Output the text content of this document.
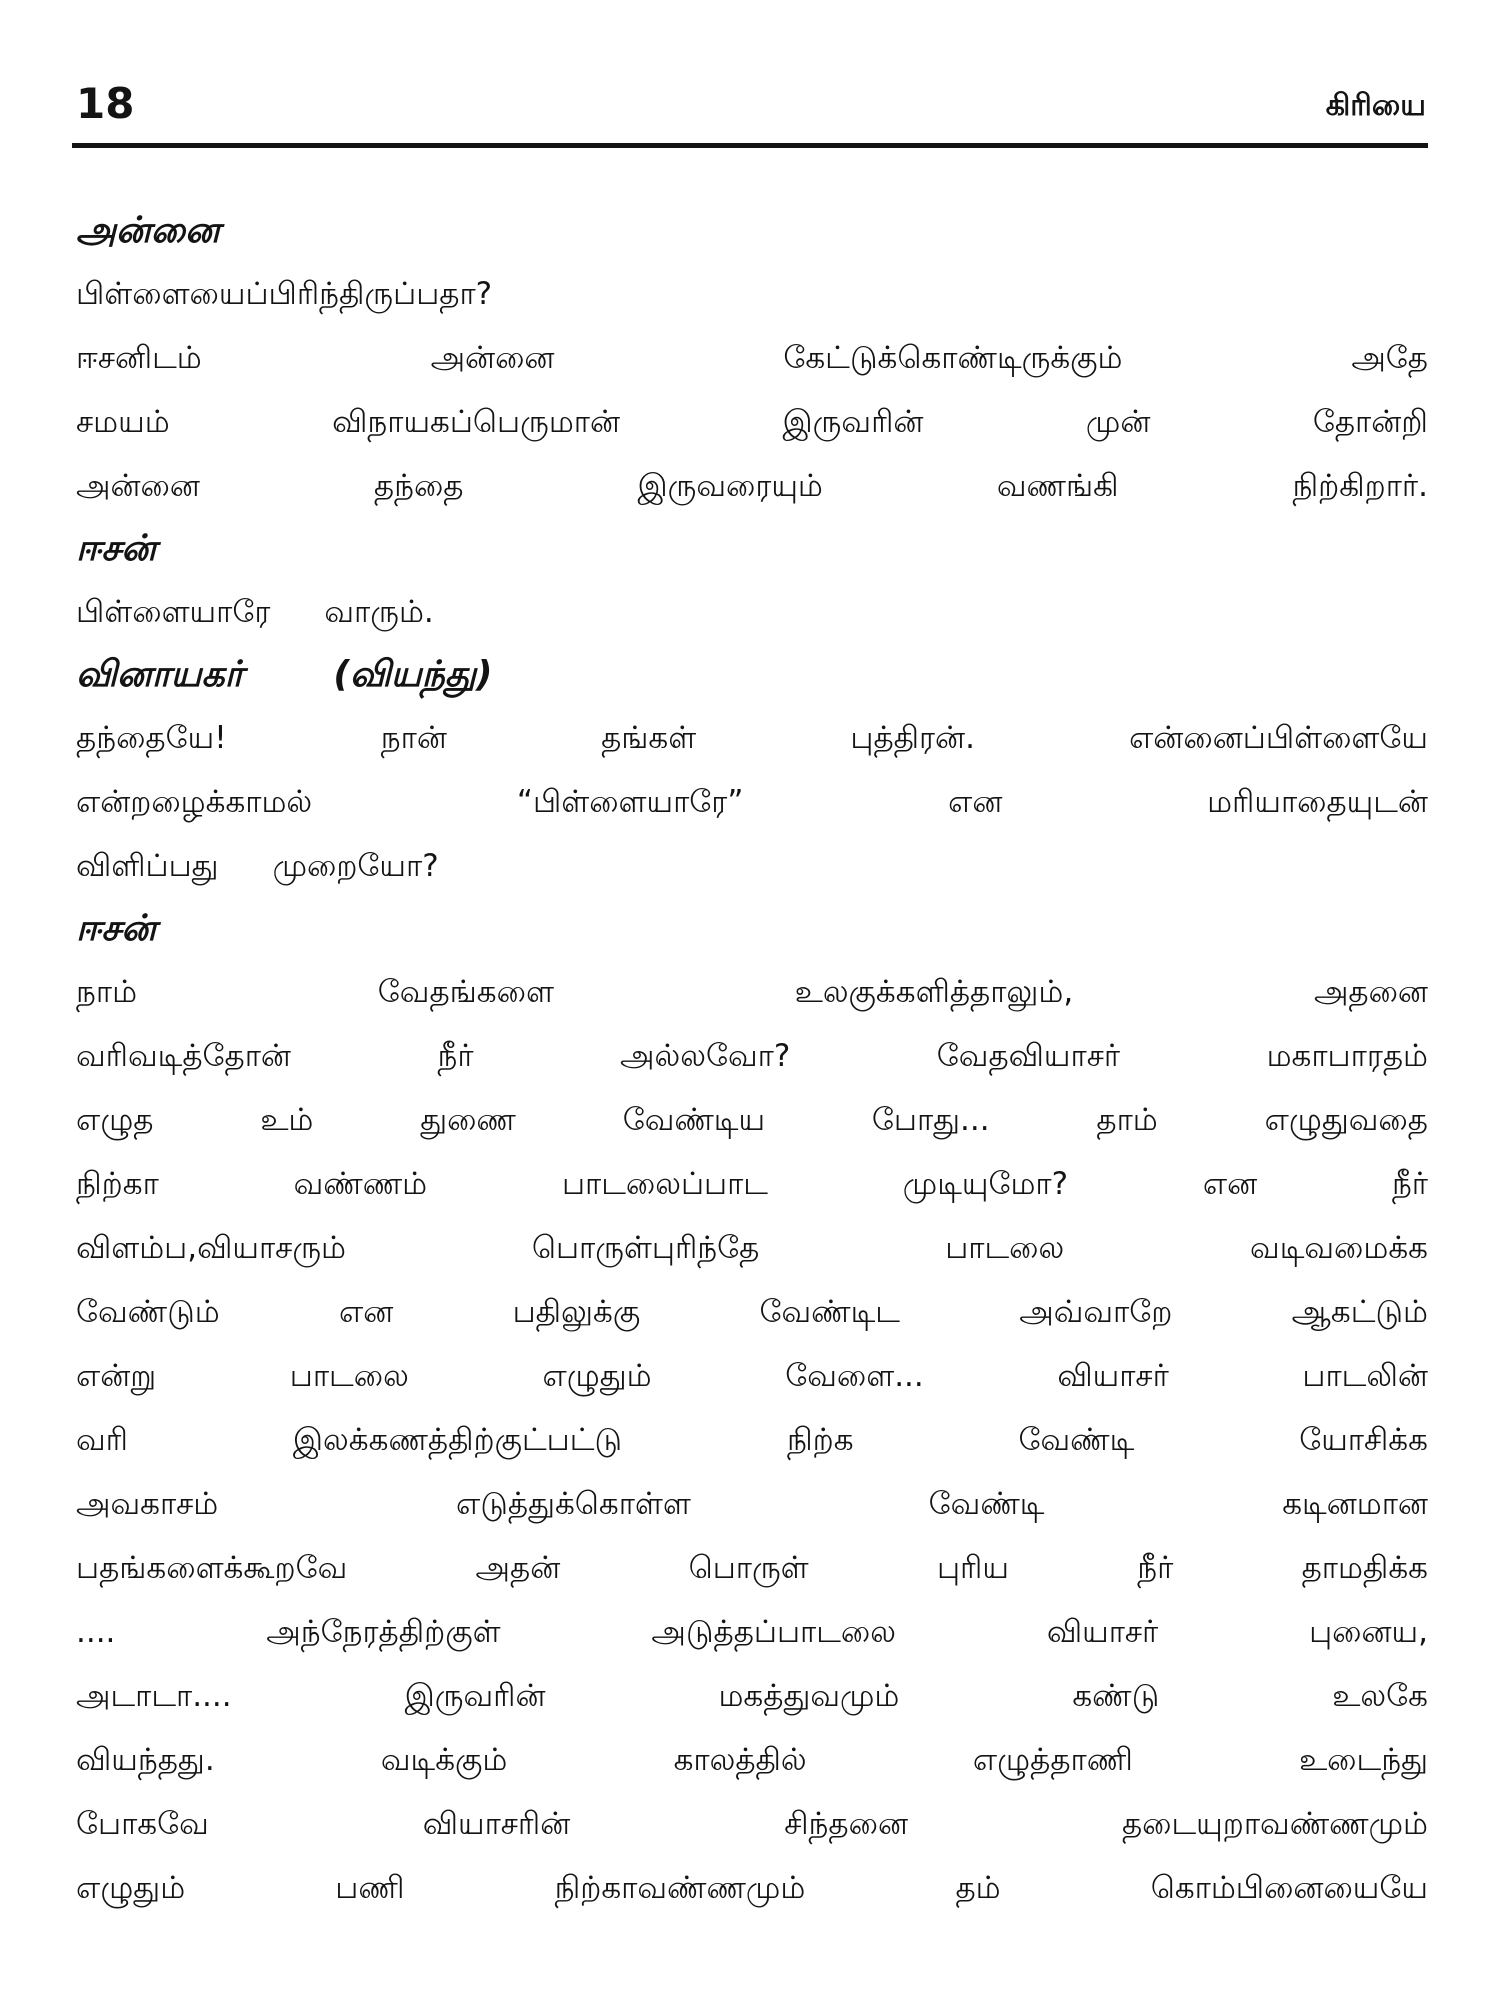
18	கிரியை
அன்னை
பிள்ளையைப்பிரிந்திருப்பதா?
ஈசனிடம்	அன்னை	கேட்டுக்கொண்டிருக்கும்	அதே
சமயம்	விநாயகப்பெருமான்	இருவரின்	முன்	தோன்றி
அன்னை	தந்தை	இருவரையும்	வணங்கி	நிற்கிறார்.
ஈசன்
பிள்ளையாரே வாரும்.
வினாயகர்	(வியந்து)
தந்தையே!	நான்	தங்கள்	புத்திரன்.	என்னைப்பிள்ளையே
என்றழைக்காமல்	“பிள்ளையாரே”	என	மரியாதையுடன்
விளிப்பது முறையோ?
ஈசன்
நாம்	வேதங்களை	உலகுக்களித்தாலும்,	அதனை
வரிவடித்தோன்	நீர்	அல்லவோ?	வேதவியாசர்	மகாபாரதம்
எழுத	உம்	துணை	வேண்டிய	போது...	தாம்	எழுதுவதை
நிற்கா	வண்ணம்	பாடலைப்பாட	முடியுமோ?	என	நீர்
விளம்ப,வியாசரும்	பொருள்புரிந்தே	பாடலை	வடிவமைக்க
வேண்டும்	என	பதிலுக்கு	வேண்டிட	அவ்வாறே	ஆகட்டும்
என்று	பாடலை	எழுதும்	வேளை...	வியாசர்	பாடலின்
வரி	இலக்கணத்திற்குட்பட்டு	நிற்க	வேண்டி	யோசிக்க
அவகாசம்	எடுத்துக்கொள்ள	வேண்டி	கடினமான
பதங்களைக்கூறவே	அதன்	பொருள்	புரிய	நீர்	தாமதிக்க
....	அந்நேரத்திற்குள்	அடுத்தப்பாடலை	வியாசர்	புனைய,
அடாடா....	இருவரின்	மகத்துவமும்	கண்டு	உலகே
வியந்தது.	வடிக்கும்	காலத்தில்	எழுத்தாணி	உடைந்து
போகவே	வியாசரின்	சிந்தனை	தடையுறாவண்ணமும்
எழுதும்	பணி	நிற்காவண்ணமும்	தம்	கொம்பினையையே
